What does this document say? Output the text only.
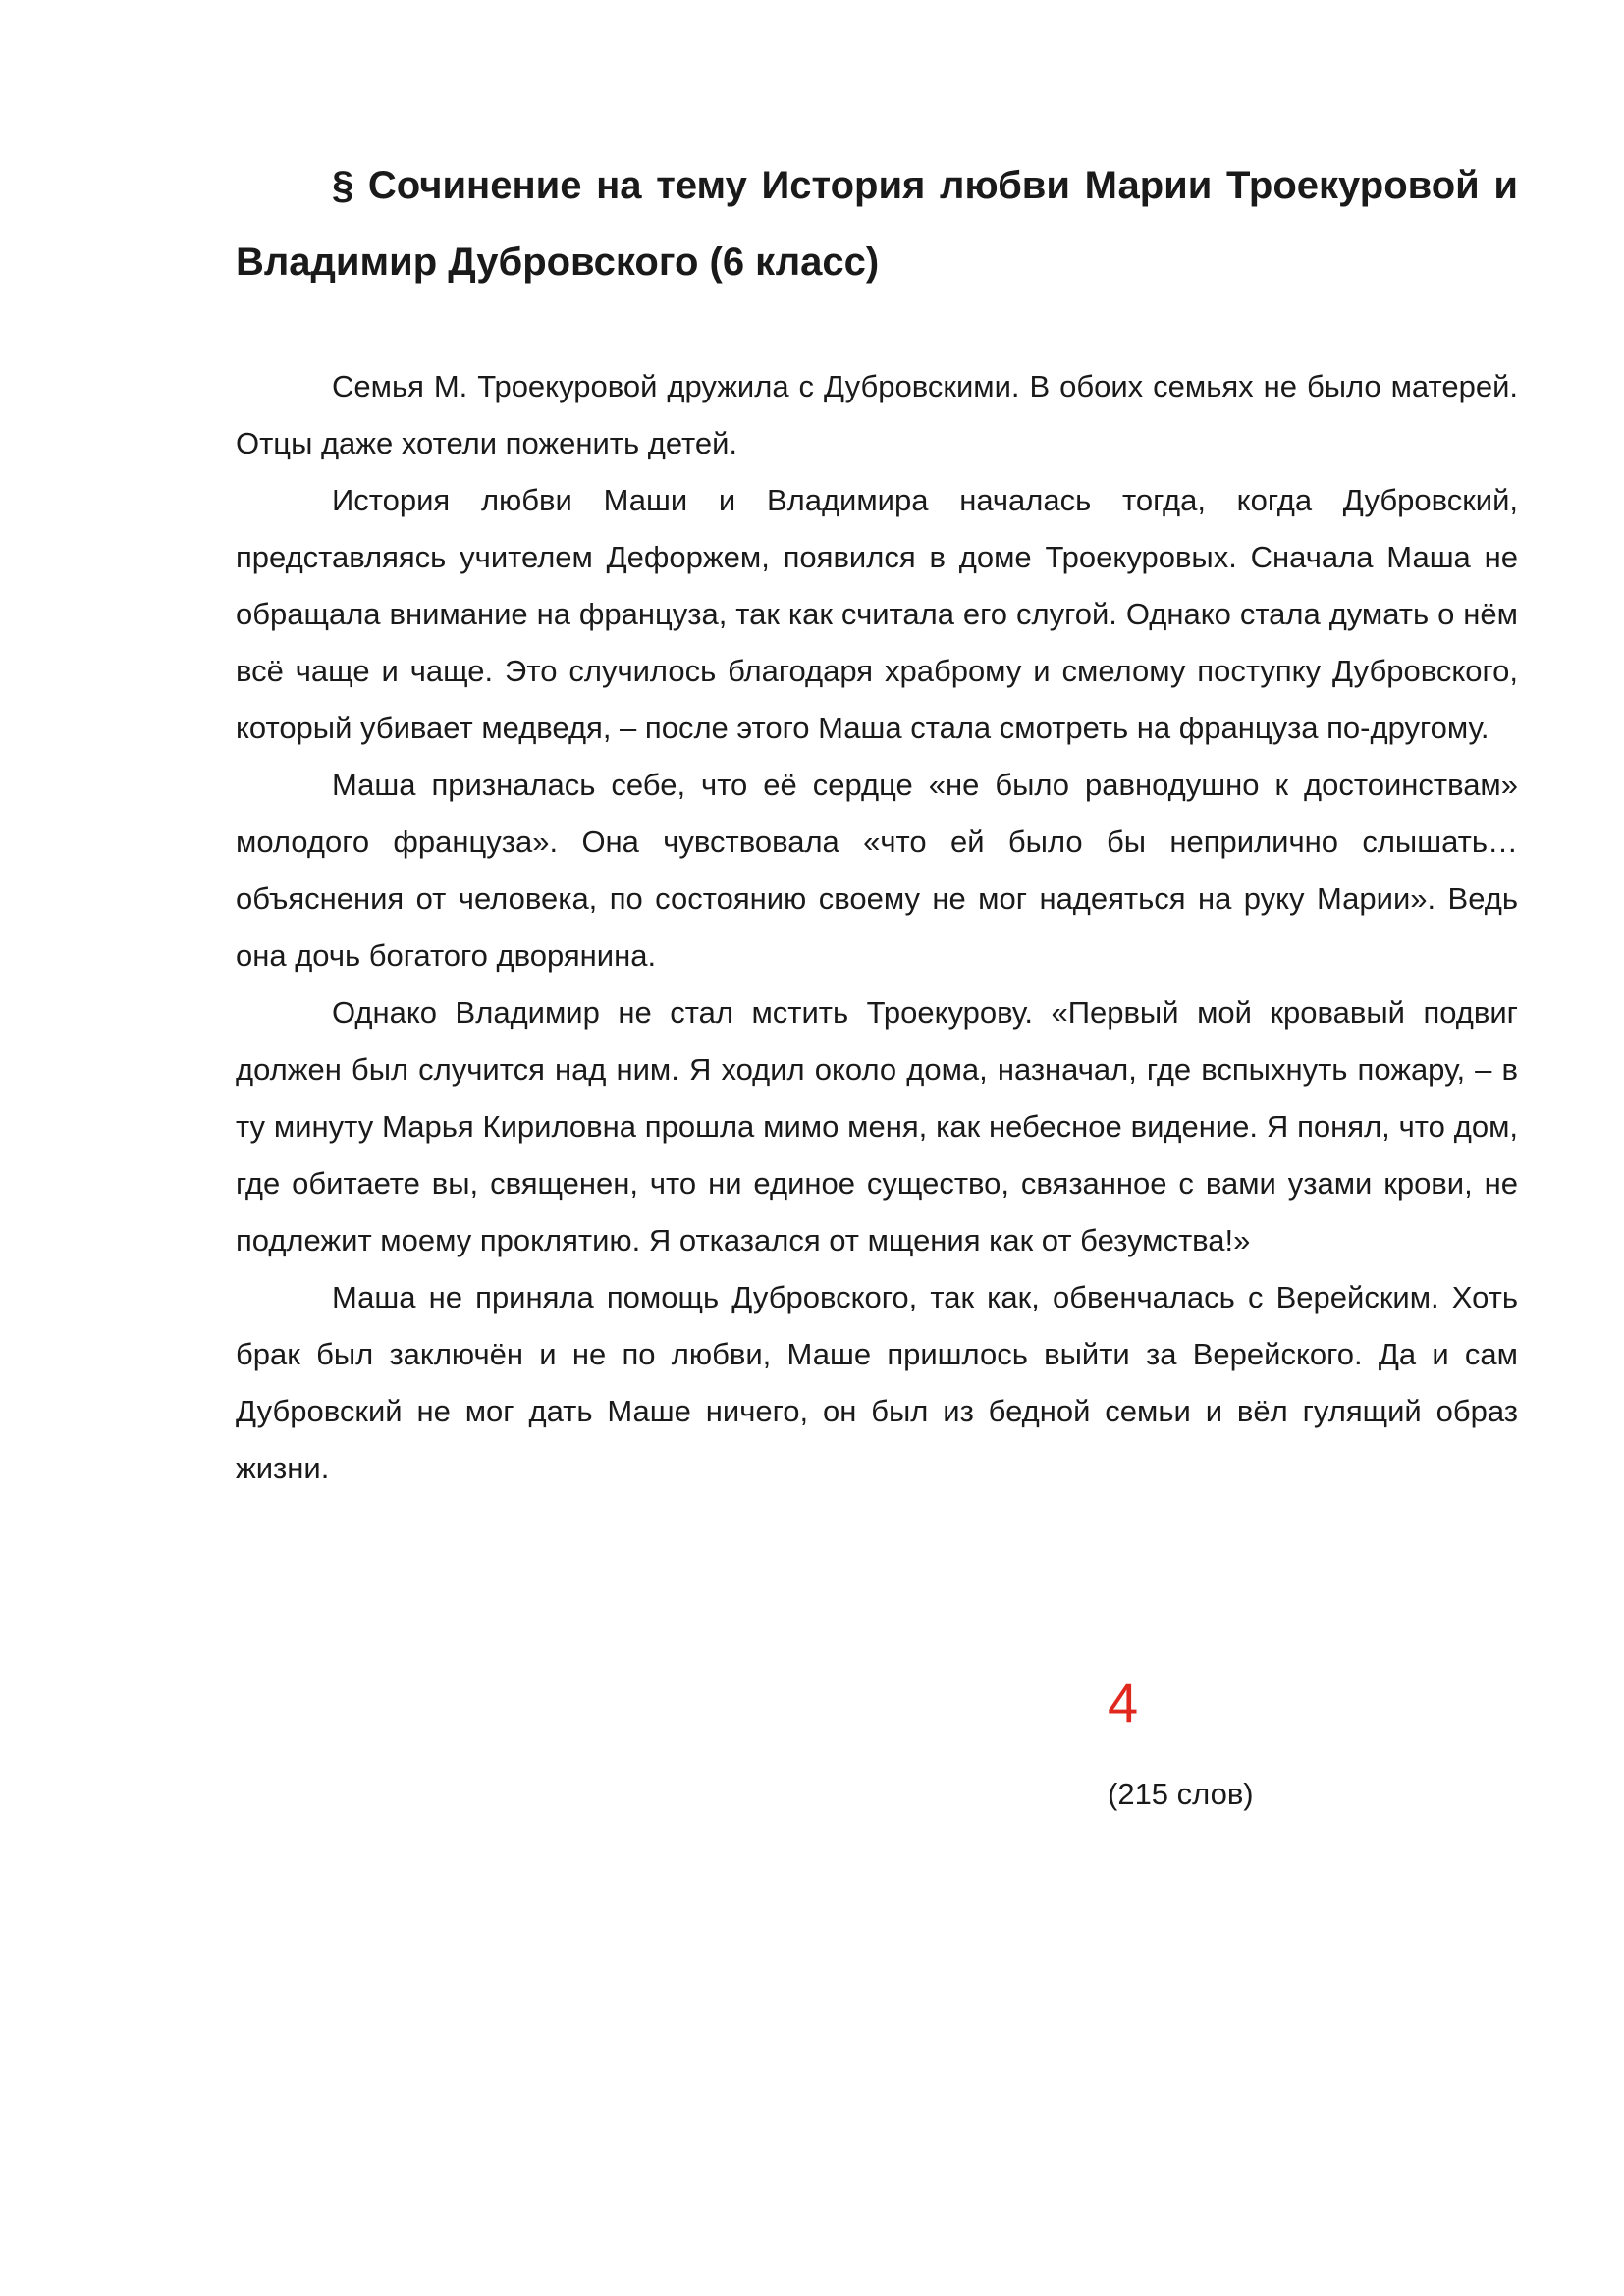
§ Сочинение на тему История любви Марии Троекуровой и Владимир Дубровского (6 класс)

Семья М. Троекуровой дружила с Дубровскими. В обоих семьях не было матерей. Отцы даже хотели поженить детей.

История любви Маши и Владимира началась тогда, когда Дубровский, представляясь учителем Дефоржем, появился в доме Троекуровых. Сначала Маша не обращала внимание на француза, так как считала его слугой. Однако стала думать о нём всё чаще и чаще. Это случилось благодаря храброму и смелому поступку Дубровского, который убивает медведя, – после этого Маша стала смотреть на француза по-другому.

Маша призналась себе, что её сердце «не было равнодушно к достоинствам» молодого француза». Она чувствовала «что ей было бы неприлично слышать… объяснения от человека, по состоянию своему не мог надеяться на руку Марии». Ведь она дочь богатого дворянина.

Однако Владимир не стал мстить Троекурову. «Первый мой кровавый подвиг должен был случится над ним. Я ходил около дома, назначал, где вспыхнуть пожару, – в ту минуту Марья Кириловна прошла мимо меня, как небесное видение. Я понял, что дом, где обитаете вы, священен, что ни единое существо, связанное с вами узами крови, не подлежит моему проклятию. Я отказался от мщения как от безумства!»

Маша не приняла помощь Дубровского, так как, обвенчалась с Верейским. Хоть брак был заключён и не по любви, Маше пришлось выйти за Верейского. Да и сам Дубровский не мог дать Маше ничего, он был из бедной семьи и вёл гулящий образ жизни.

4
(215 слов)
